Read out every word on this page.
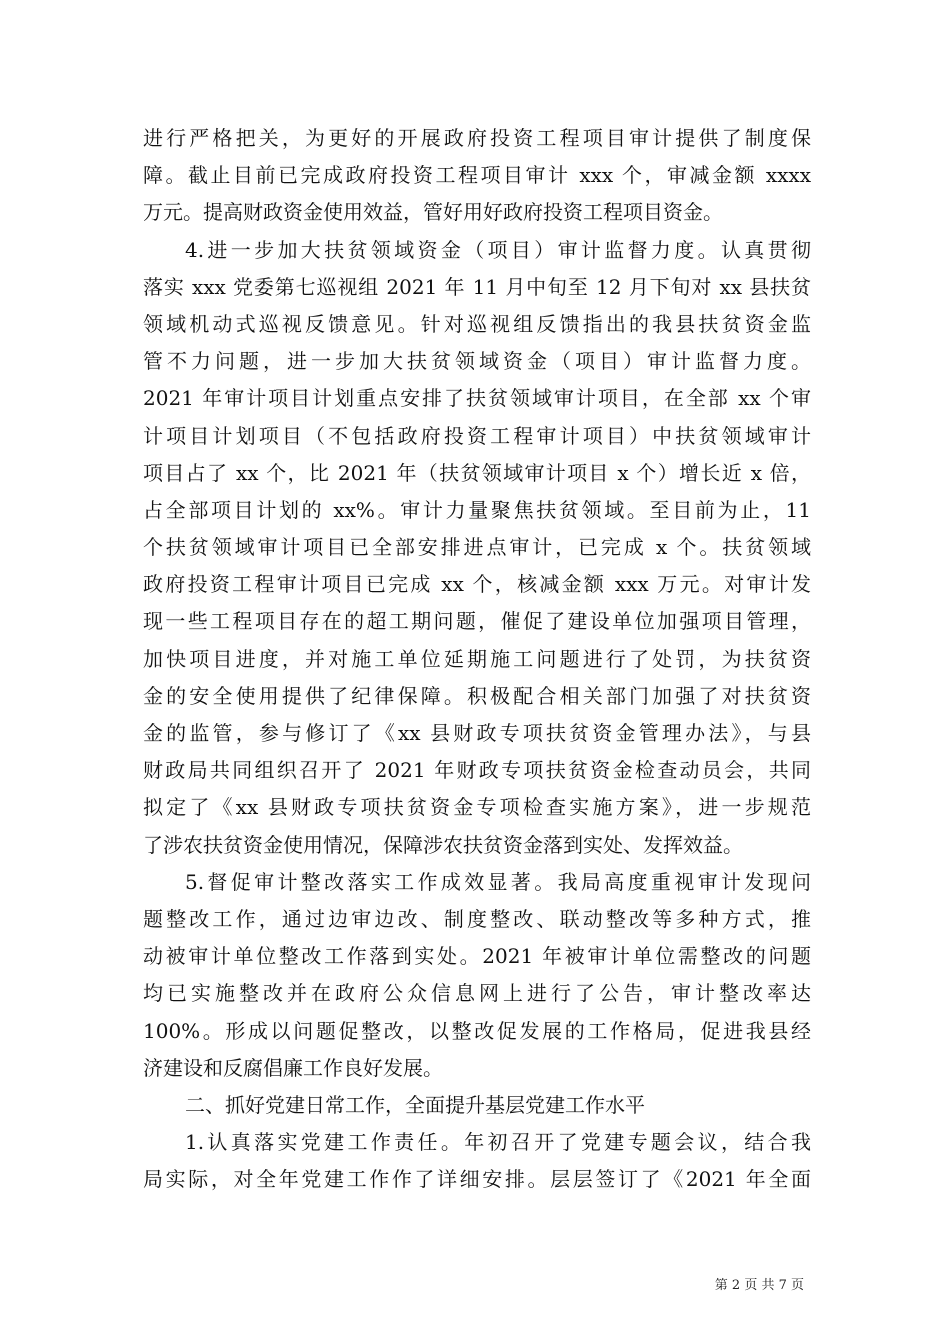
进行严格把关，为更好的开展政府投资工程项目审计提供了制度保
障。截止目前已完成政府投资工程项目审计 xxx 个，审减金额 xxxx
万元。提高财政资金使用效益，管好用好政府投资工程项目资金。
4.进一步加大扶贫领域资金（项目）审计监督力度。认真贯彻
落实 xxx 党委第七巡视组 2021 年 11 月中旬至 12 月下旬对 xx 县扶贫
领域机动式巡视反馈意见。针对巡视组反馈指出的我县扶贫资金监
管不力问题，进一步加大扶贫领域资金（项目）审计监督力度。
2021 年审计项目计划重点安排了扶贫领域审计项目，在全部 xx 个审
计项目计划项目（不包括政府投资工程审计项目）中扶贫领域审计
项目占了 xx 个，比 2021 年（扶贫领域审计项目 x 个）增长近 x 倍，
占全部项目计划的 xx%。审计力量聚焦扶贫领域。至目前为止，11
个扶贫领域审计项目已全部安排进点审计，已完成 x 个。扶贫领域
政府投资工程审计项目已完成 xx 个，核减金额 xxx 万元。对审计发
现一些工程项目存在的超工期问题，催促了建设单位加强项目管理，
加快项目进度，并对施工单位延期施工问题进行了处罚，为扶贫资
金的安全使用提供了纪律保障。积极配合相关部门加强了对扶贫资
金的监管，参与修订了《xx 县财政专项扶贫资金管理办法》，与县
财政局共同组织召开了 2021 年财政专项扶贫资金检查动员会，共同
拟定了《xx 县财政专项扶贫资金专项检查实施方案》，进一步规范
了涉农扶贫资金使用情况，保障涉农扶贫资金落到实处、发挥效益。
5.督促审计整改落实工作成效显著。我局高度重视审计发现问
题整改工作，通过边审边改、制度整改、联动整改等多种方式，推
动被审计单位整改工作落到实处。2021 年被审计单位需整改的问题
均已实施整改并在政府公众信息网上进行了公告，审计整改率达
100%。形成以问题促整改，以整改促发展的工作格局，促进我县经
济建设和反腐倡廉工作良好发展。
二、抓好党建日常工作，全面提升基层党建工作水平
1.认真落实党建工作责任。年初召开了党建专题会议，结合我
局实际，对全年党建工作作了详细安排。层层签订了《2021 年全面
第 2 页 共 7 页
